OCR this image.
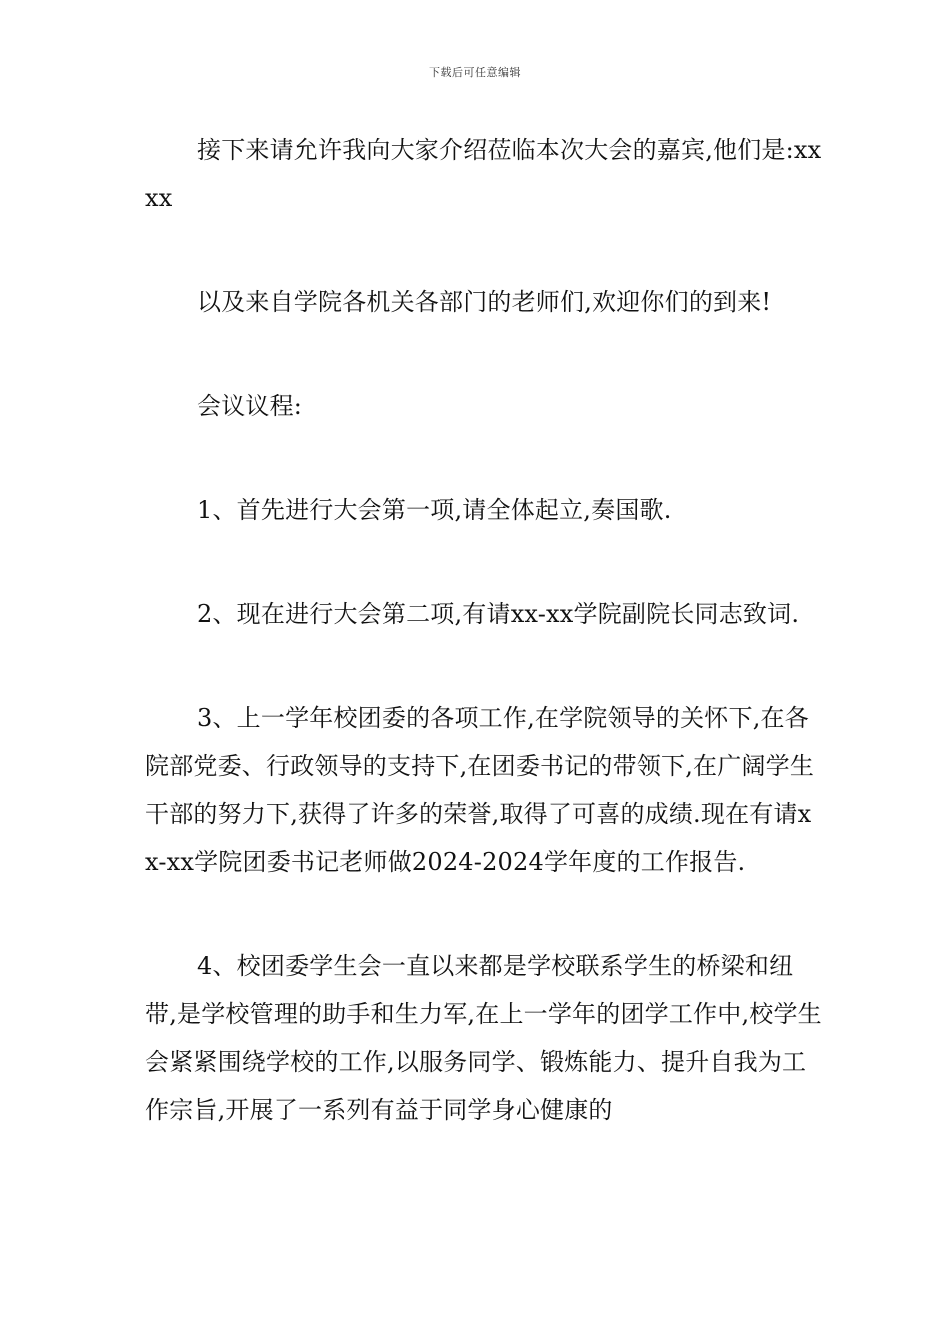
下载后可任意编辑

接下来请允许我向大家介绍莅临本次大会的嘉宾,他们是:xxxx

以及来自学院各机关各部门的老师们,欢迎你们的到来!

会议议程:

1、首先进行大会第一项,请全体起立,奏国歌.

2、现在进行大会第二项,有请xx-xx学院副院长同志致词.

3、上一学年校团委的各项工作,在学院领导的关怀下,在各院部党委、行政领导的支持下,在团委书记的带领下,在广阔学生干部的努力下,获得了许多的荣誉,取得了可喜的成绩.现在有请xx-xx学院团委书记老师做2024-2024学年度的工作报告.

4、校团委学生会一直以来都是学校联系学生的桥梁和纽带,是学校管理的助手和生力军,在上一学年的团学工作中,校学生会紧紧围绕学校的工作,以服务同学、锻炼能力、提升自我为工作宗旨,开展了一系列有益于同学身心健康的
